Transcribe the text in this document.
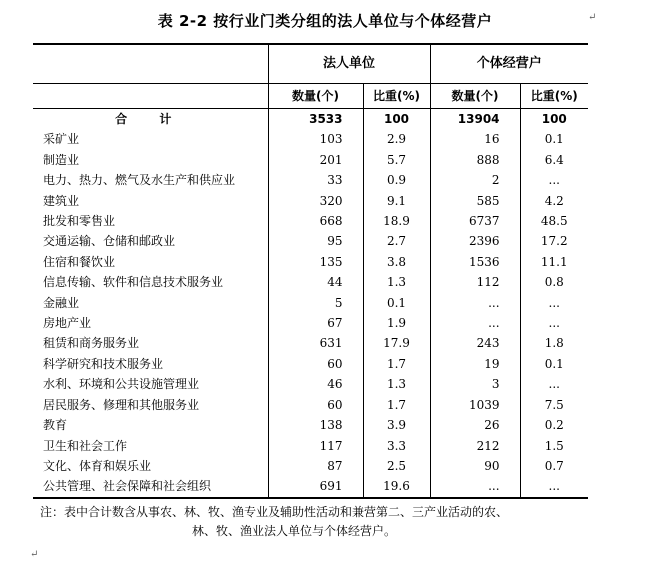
表 2-2 按行业门类分组的法人单位与个体经营户	↵
	法人单位		个体经营户	
	数量(个)	比重(%)	数量(个)	比重(%)
合 计	3533	100	13904	100
采矿业	103	2.9	16	0.1
制造业	201	5.7	888	6.4
电力、热力、燃气及水生产和供应业	33	0.9	2	...
建筑业	320	9.1	585	4.2
批发和零售业	668	18.9	6737	48.5
交通运输、仓储和邮政业	95	2.7	2396	17.2
住宿和餐饮业	135	3.8	1536	11.1
信息传输、软件和信息技术服务业	44	1.3	112	0.8
金融业	5	0.1	...	...
房地产业	67	1.9	...	...
租赁和商务服务业	631	17.9	243	1.8
科学研究和技术服务业	60	1.7	19	0.1
水利、环境和公共设施管理业	46	1.3	3	...
居民服务、修理和其他服务业	60	1.7	1039	7.5
教育	138	3.9	26	0.2
卫生和社会工作	117	3.3	212	1.5
文化、体育和娱乐业	87	2.5	90	0.7
公共管理、社会保障和社会组织	691	19.6	...	...
注：表中合计数含从事农、林、牧、渔专业及辅助性活动和兼营第二、三产业活动的农、
林、牧、渔业法人单位与个体经营户。
↵
